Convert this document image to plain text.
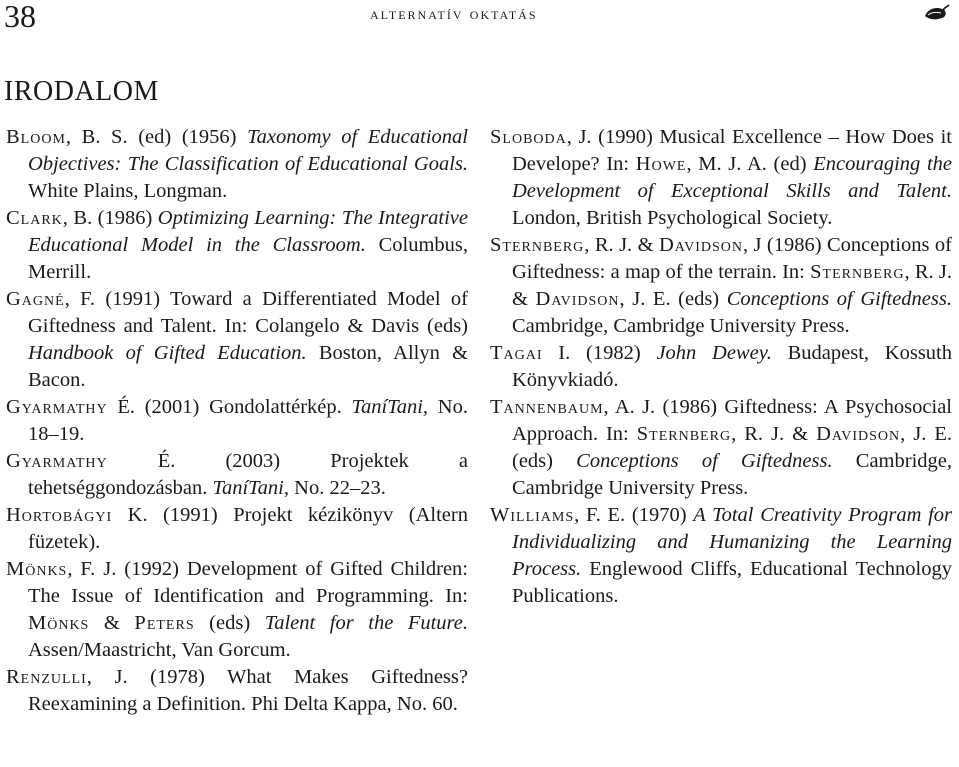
38	alternatív oktatás
IRODALOM

Bloom, B. S. (ed) (1956) Taxonomy of Educational Objectives: The Classification of Educational Goals. White Plains, Longman.

Clark, B. (1986) Optimizing Learning: The Integrative Educational Model in the Classroom. Columbus, Merrill.

Gagné, F. (1991) Toward a Differentiated Model of Giftedness and Talent. In: Colangelo & Davis (eds) Handbook of Gifted Education. Boston, Allyn & Bacon.

Gyarmathy É. (2001) Gondolattérkép. TaníTani, No. 18–19.

Gyarmathy É. (2003) Projektek a tehetséggondozásban. TaníTani, No. 22–23.

Hortobágyi K. (1991) Projekt kézikönyv (Altern füzetek).

Mönks, F. J. (1992) Development of Gifted Children: The Issue of Identification and Programming. In: Mönks & Peters (eds) Talent for the Future. Assen/Maastricht, Van Gorcum.

Renzulli, J. (1978) What Makes Giftedness? Reexamining a Definition. Phi Delta Kappa, No. 60.

Sloboda, J. (1990) Musical Excellence – How Does it Develope? In: Howe, M. J. A. (ed) Encouraging the Development of Exceptional Skills and Talent. London, British Psychological Society.

Sternberg, R. J. & Davidson, J (1986) Conceptions of Giftedness: a map of the terrain. In: Sternberg, R. J. & Davidson, J. E. (eds) Conceptions of Giftedness. Cambridge, Cambridge University Press.

Tagai I. (1982) John Dewey. Budapest, Kossuth Könyvkiadó.

Tannenbaum, A. J. (1986) Giftedness: A Psychosocial Approach. In: Sternberg, R. J. & Davidson, J. E. (eds) Conceptions of Giftedness. Cambridge, Cambridge University Press.

Williams, F. E. (1970) A Total Creativity Program for Individualizing and Humanizing the Learning Process. Englewood Cliffs, Educational Technology Publications.
